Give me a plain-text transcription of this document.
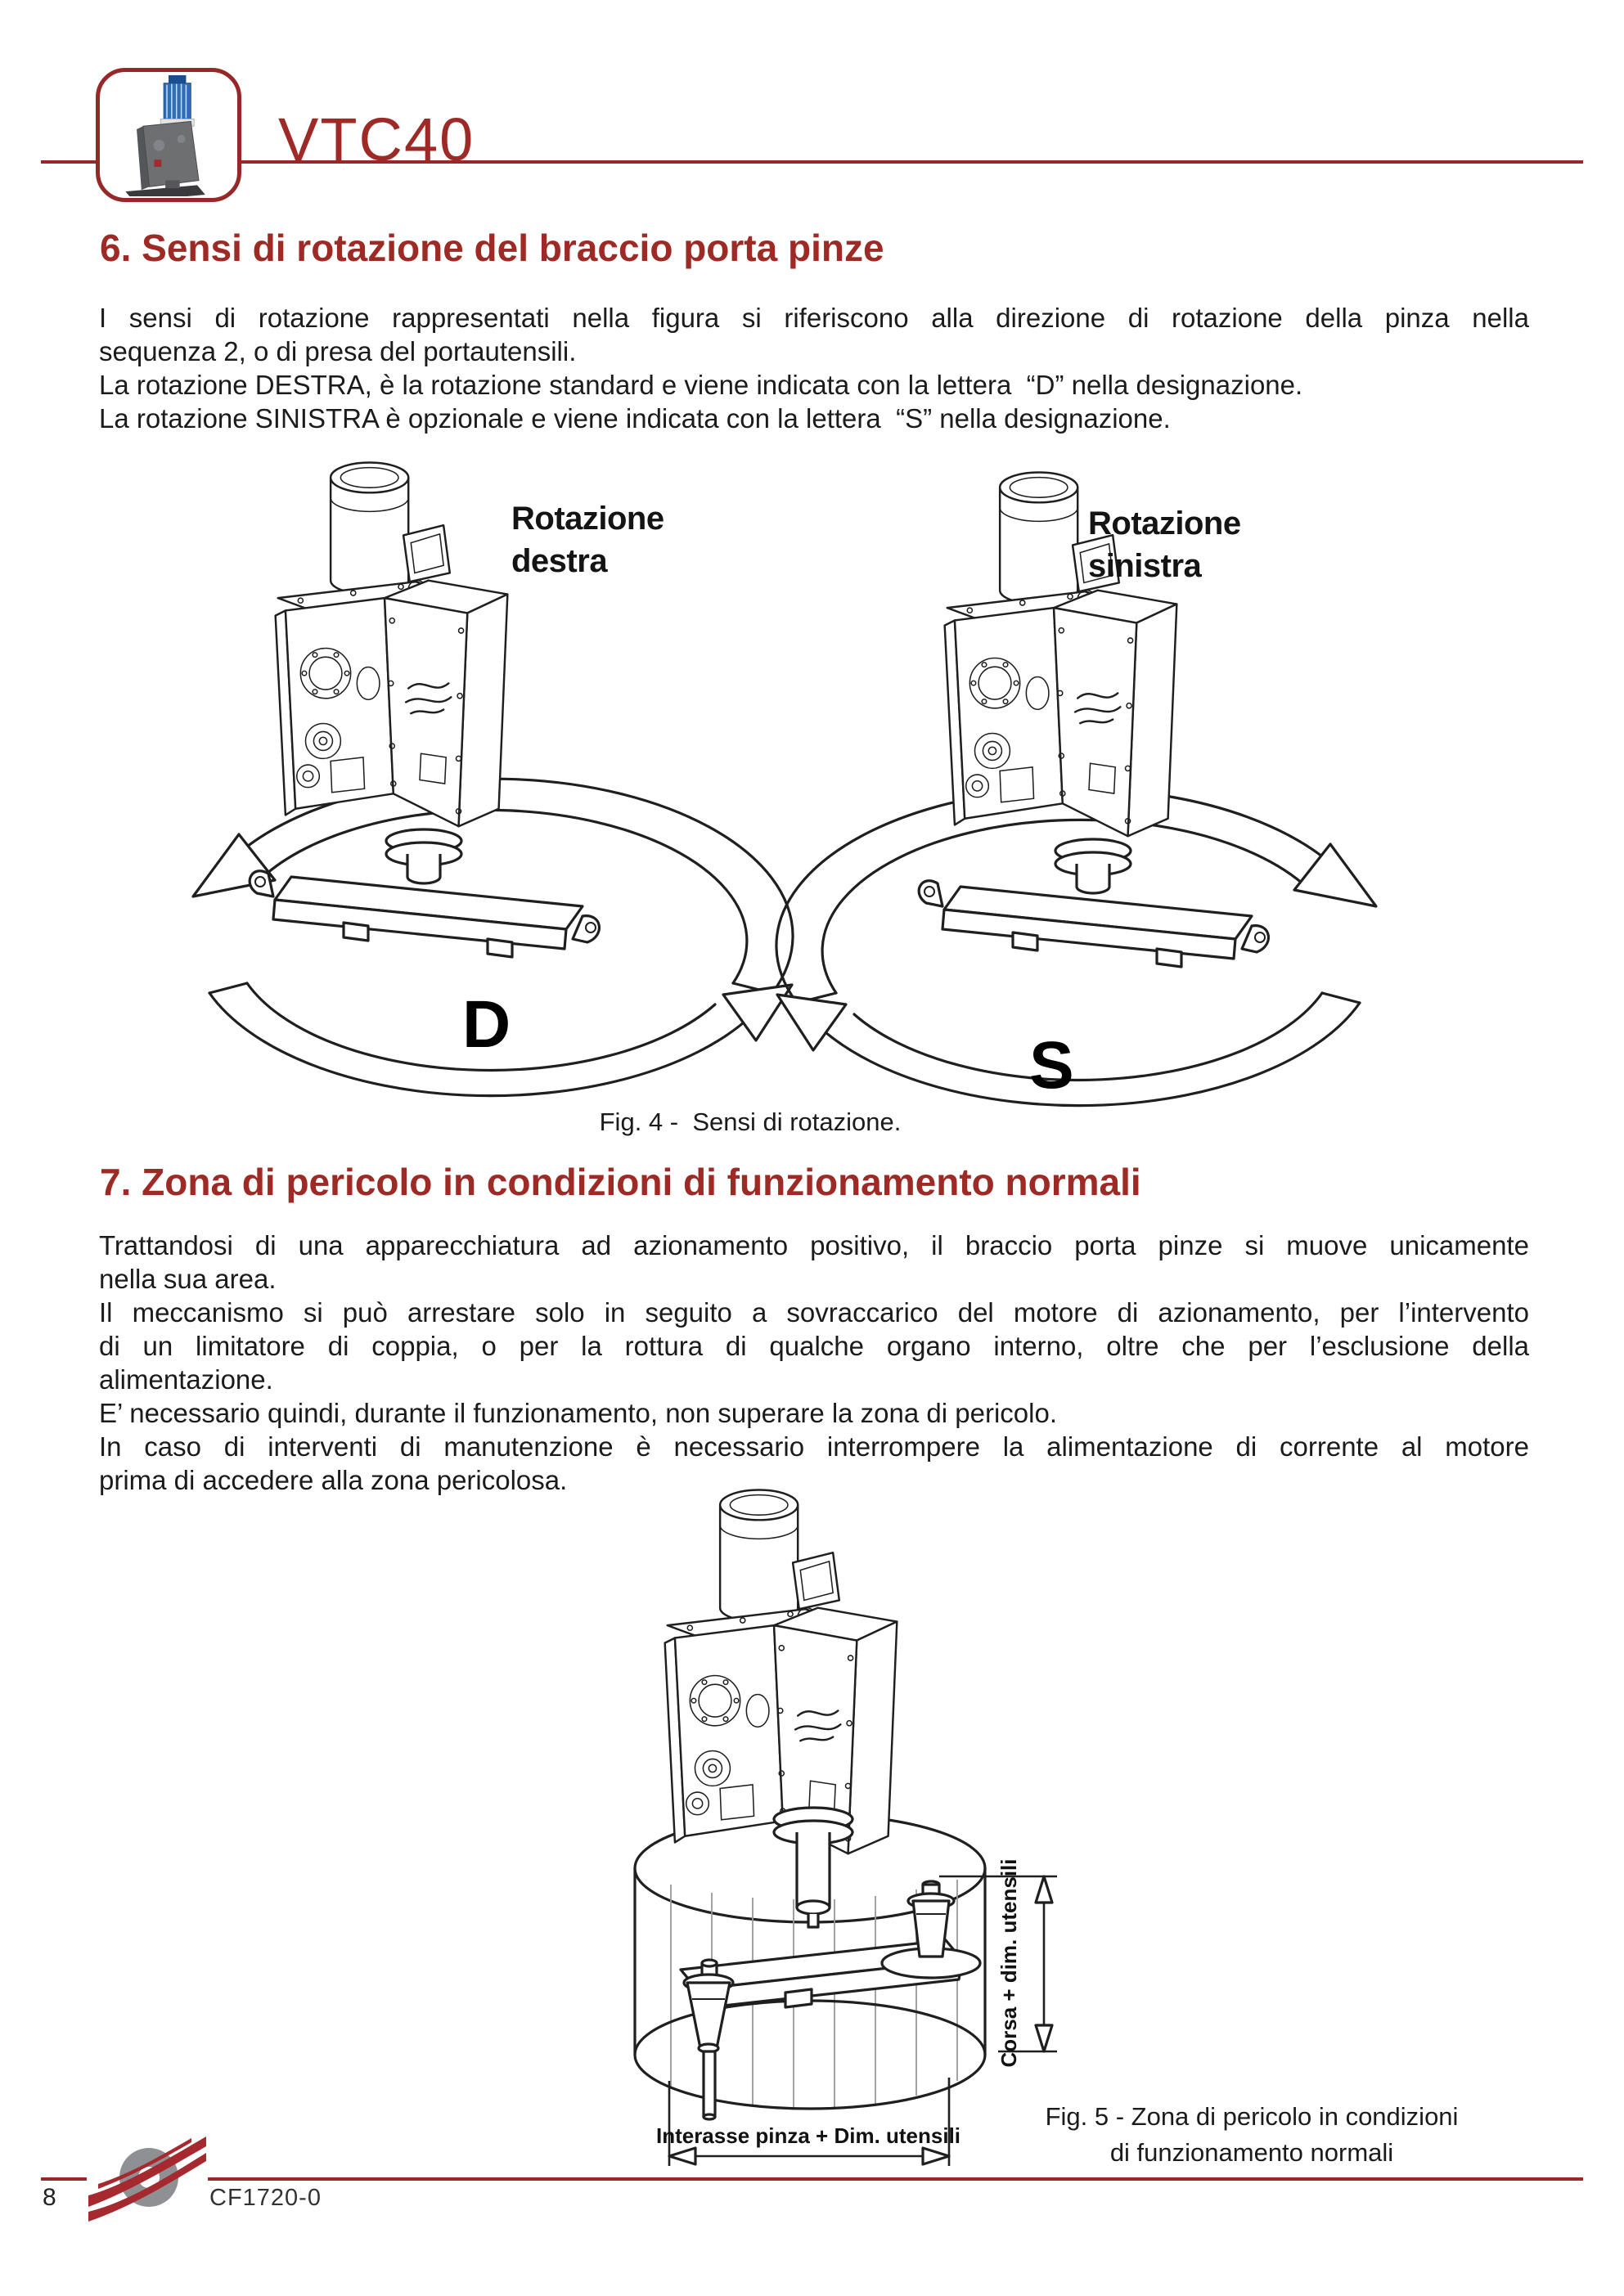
VTC40
6. Sensi di rotazione del braccio porta pinze
I sensi di rotazione rappresentati nella figura si riferiscono alla direzione di rotazione della pinza nella
sequenza 2, o di presa del portautensili.
La rotazione DESTRA, è la rotazione standard e viene indicata con la lettera  “D” nella designazione.
La rotazione SINISTRA è opzionale e viene indicata con la lettera  “S” nella designazione.
Rotazione
destra
Rotazione
sinistra
D
S
Fig. 4 -  Sensi di rotazione.
7. Zona di pericolo in condizioni di funzionamento normali
Trattandosi di una apparecchiatura ad azionamento positivo, il braccio porta pinze si muove unicamente
nella sua area.
Il meccanismo si può arrestare solo in seguito a sovraccarico del motore di azionamento, per l’intervento
di un limitatore di coppia, o per la rottura di qualche organo interno, oltre che per l’esclusione della
alimentazione.
E’ necessario quindi, durante il funzionamento, non superare la zona di pericolo.
In caso di interventi di manutenzione è necessario interrompere la alimentazione di corrente al motore
prima di accedere alla zona pericolosa.
Corsa + dim. utensili
Interasse pinza + Dim. utensili
Fig. 5 - Zona di pericolo in condizioni
di funzionamento normali
8	CF1720-0
